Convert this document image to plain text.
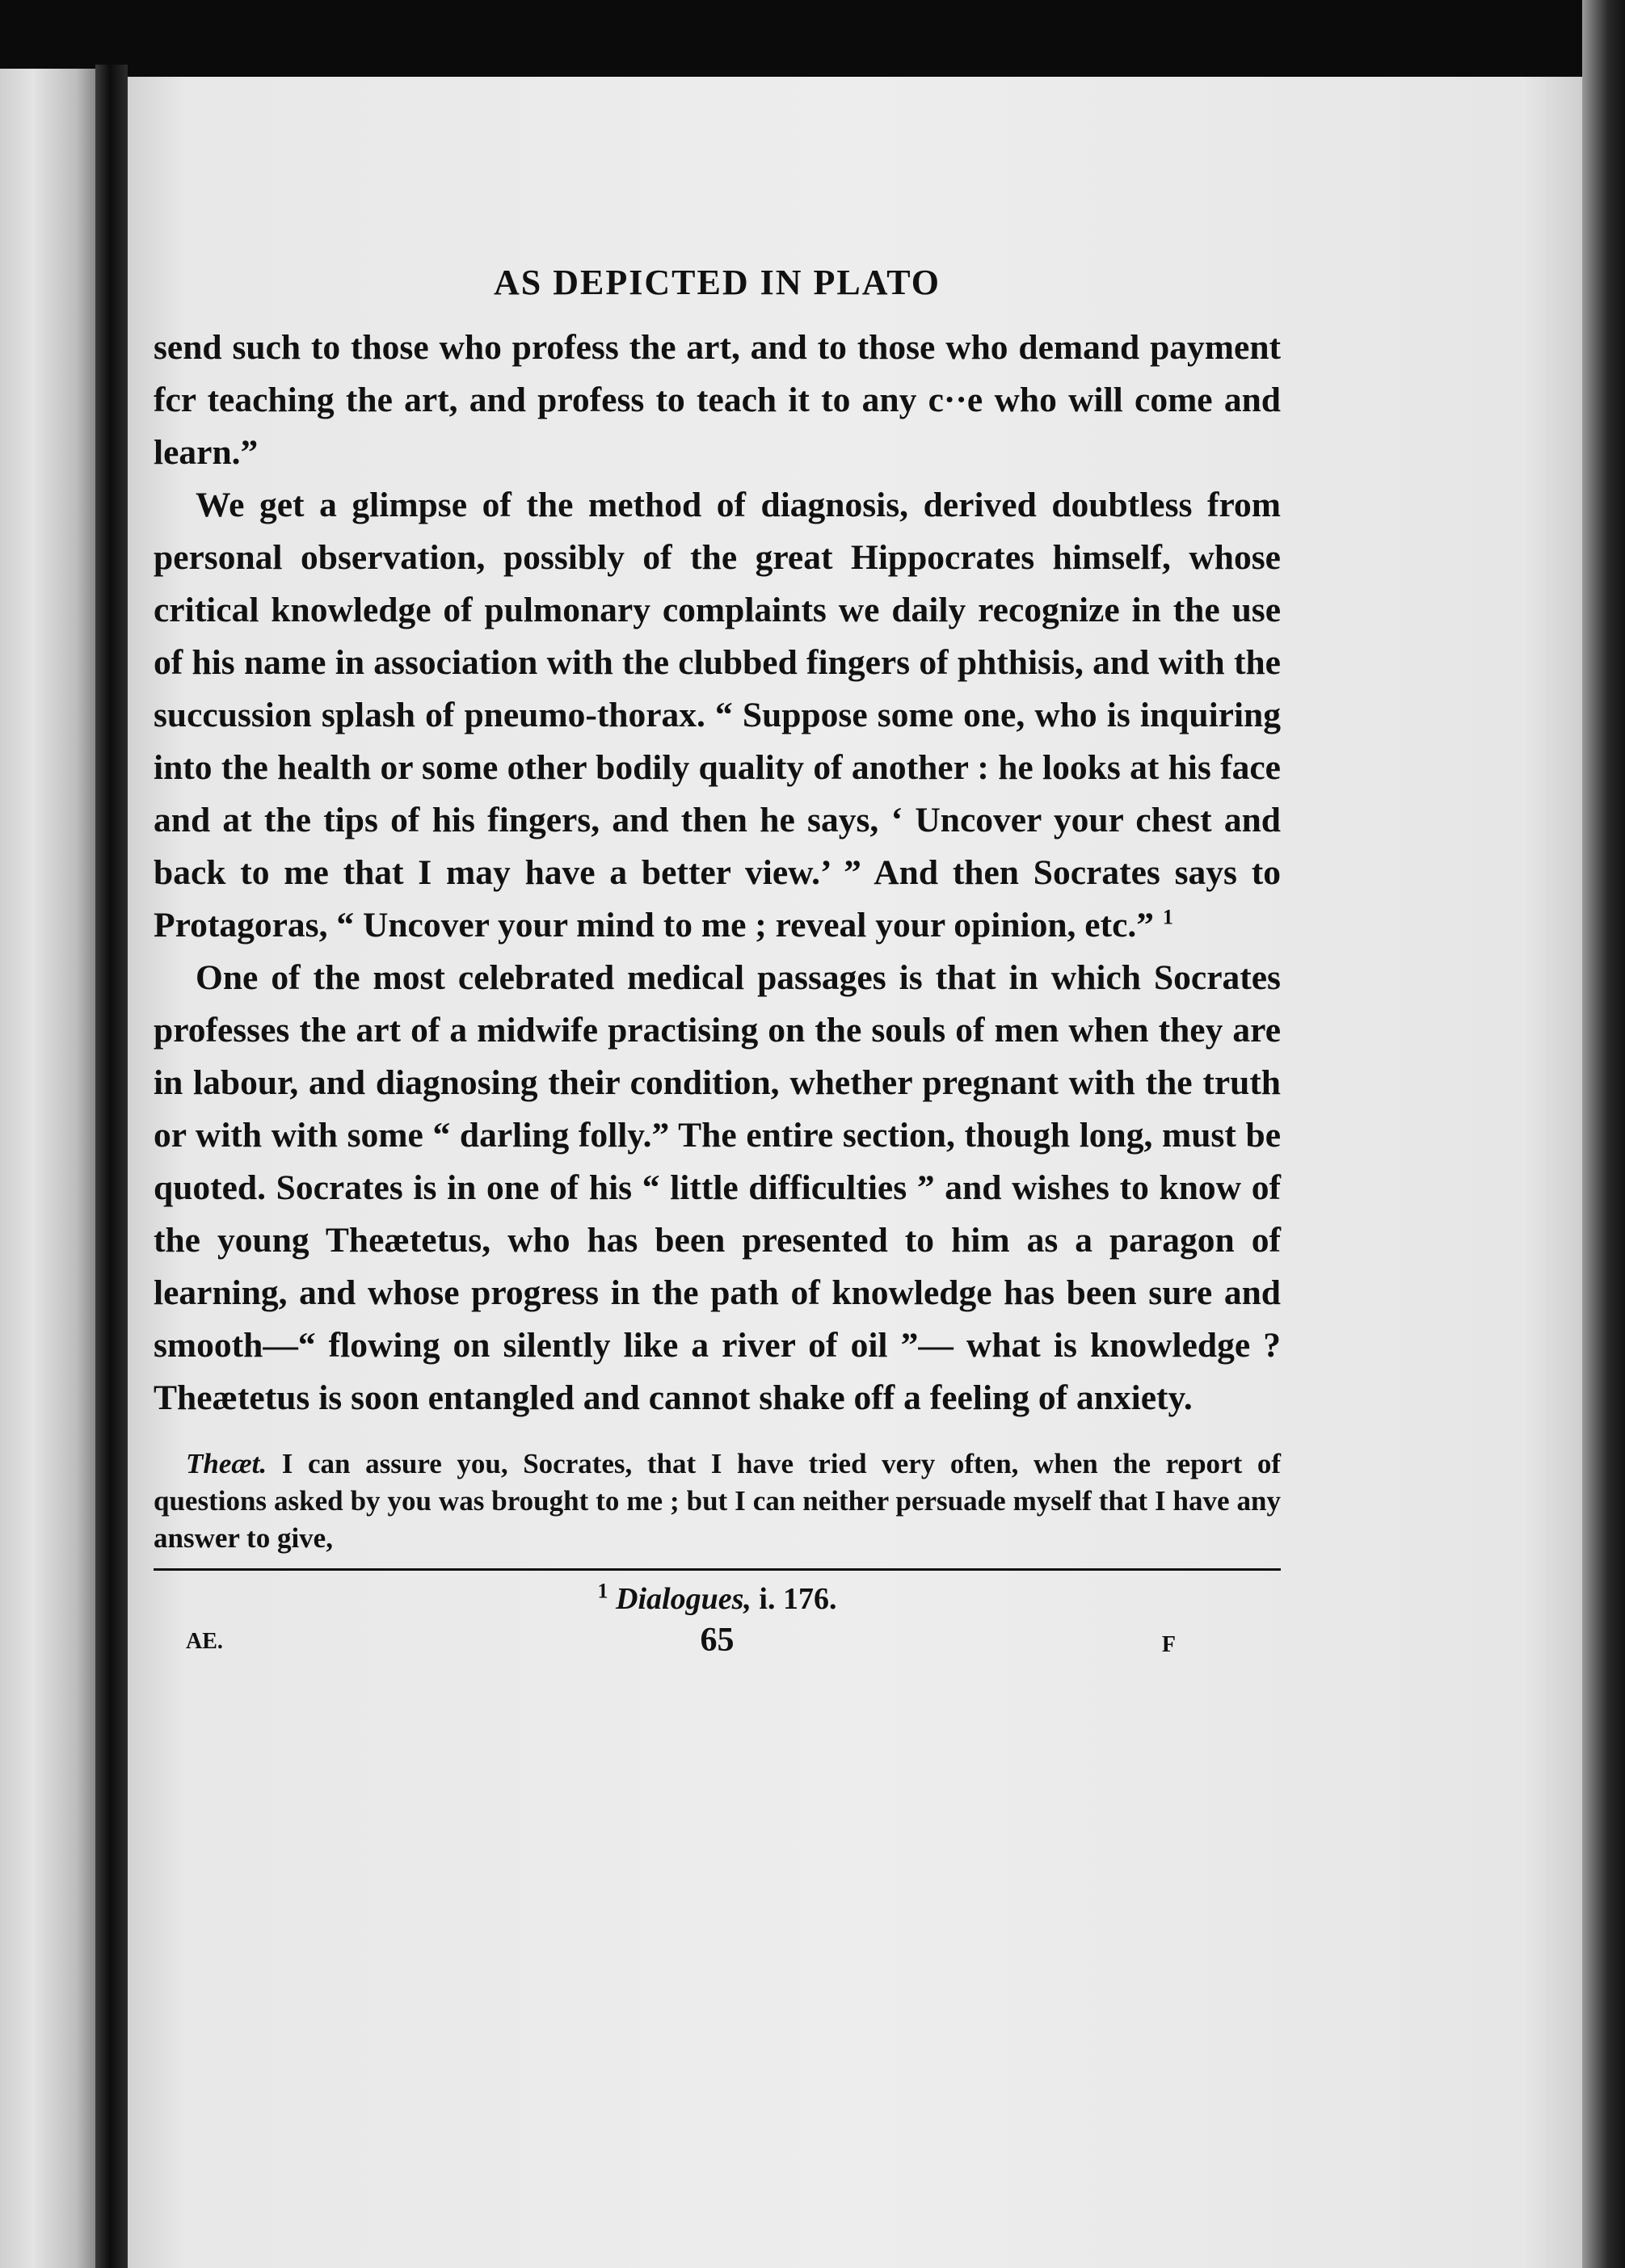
AS DEPICTED IN PLATO

send such to those who profess the art, and to those who demand payment fcr teaching the art, and profess to teach it to any c··e who will come and learn.”

We get a glimpse of the method of diagnosis, derived doubtless from personal observation, possibly of the great Hippocrates himself, whose critical knowledge of pulmonary complaints we daily recognize in the use of his name in association with the clubbed fingers of phthisis, and with the succussion splash of pneumo-thorax. “ Suppose some one, who is inquiring into the health or some other bodily quality of another : he looks at his face and at the tips of his fingers, and then he says, ‘ Uncover your chest and back to me that I may have a better view.’ ” And then Socrates says to Protagoras, “ Uncover your mind to me ; reveal your opinion, etc.” $^1$

One of the most celebrated medical passages is that in which Socrates professes the art of a midwife practising on the souls of men when they are in labour, and diagnosing their condition, whether pregnant with the truth or with with some “ darling folly.” The entire section, though long, must be quoted. Socrates is in one of his “ little difficulties ” and wishes to know of the young Theætetus, who has been presented to him as a paragon of learning, and whose progress in the path of knowledge has been sure and smooth—“ flowing on silently like a river of oil ”— what is knowledge ? Theætetus is soon entangled and cannot shake off a feeling of anxiety.

Theæt. I can assure you, Socrates, that I have tried very often, when the report of questions asked by you was brought to me ; but I can neither persuade myself that I have any answer to give,

$^1$ Dialogues, i. 176.
AE.	65	F
